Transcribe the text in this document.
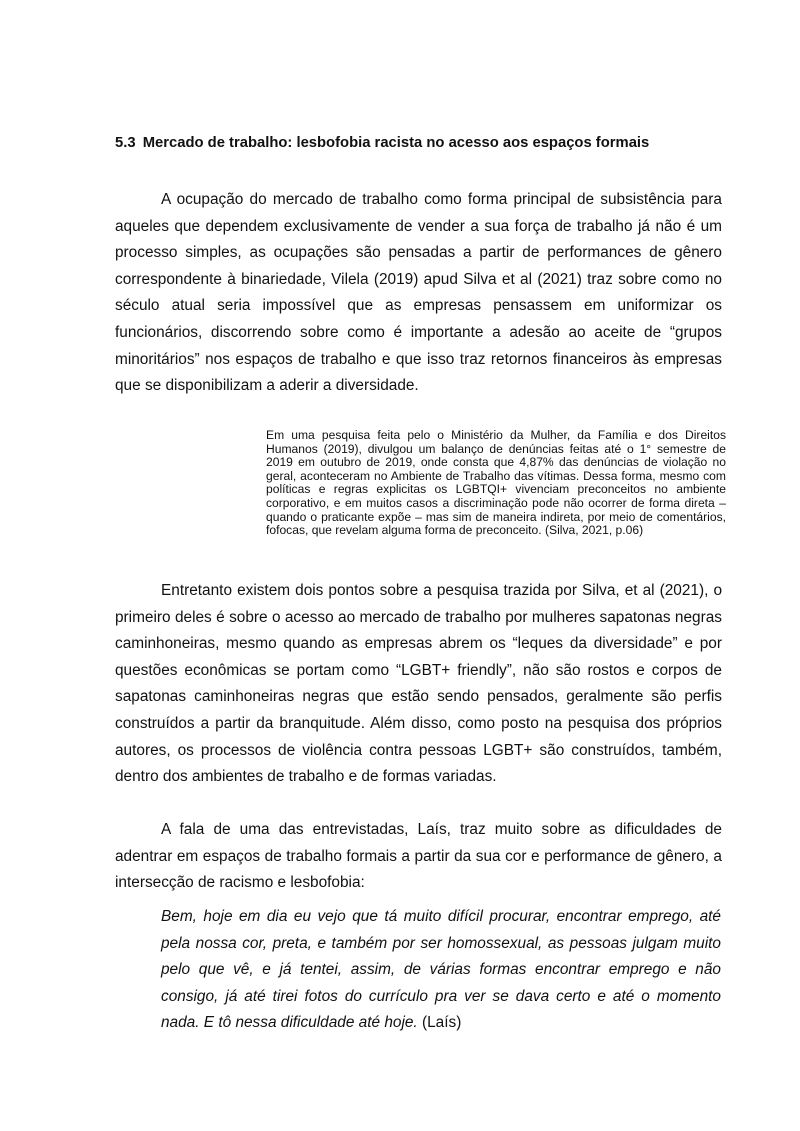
5.3 Mercado de trabalho: lesbofobia racista no acesso aos espaços formais

A ocupação do mercado de trabalho como forma principal de subsistência para aqueles que dependem exclusivamente de vender a sua força de trabalho já não é um processo simples, as ocupações são pensadas a partir de performances de gênero correspondente à binariedade, Vilela (2019) apud Silva et al (2021) traz sobre como no século atual seria impossível que as empresas pensassem em uniformizar os funcionários, discorrendo sobre como é importante a adesão ao aceite de “grupos minoritários” nos espaços de trabalho e que isso traz retornos financeiros às empresas que se disponibilizam a aderir a diversidade.

Em uma pesquisa feita pelo o Ministério da Mulher, da Família e dos Direitos Humanos (2019), divulgou um balanço de denúncias feitas até o 1° semestre de 2019 em outubro de 2019, onde consta que 4,87% das denúncias de violação no geral, aconteceram no Ambiente de Trabalho das vítimas. Dessa forma, mesmo com políticas e regras explicitas os LGBTQI+ vivenciam preconceitos no ambiente corporativo, e em muitos casos a discriminação pode não ocorrer de forma direta – quando o praticante expõe – mas sim de maneira indireta, por meio de comentários, fofocas, que revelam alguma forma de preconceito. (Silva, 2021, p.06)

Entretanto existem dois pontos sobre a pesquisa trazida por Silva, et al (2021), o primeiro deles é sobre o acesso ao mercado de trabalho por mulheres sapatonas negras caminhoneiras, mesmo quando as empresas abrem os “leques da diversidade” e por questões econômicas se portam como “LGBT+ friendly”, não são rostos e corpos de sapatonas caminhoneiras negras que estão sendo pensados, geralmente são perfis construídos a partir da branquitude. Além disso, como posto na pesquisa dos próprios autores, os processos de violência contra pessoas LGBT+ são construídos, também, dentro dos ambientes de trabalho e de formas variadas.

A fala de uma das entrevistadas, Laís, traz muito sobre as dificuldades de adentrar em espaços de trabalho formais a partir da sua cor e performance de gênero, a intersecção de racismo e lesbofobia:

Bem, hoje em dia eu vejo que tá muito difícil procurar, encontrar emprego, até pela nossa cor, preta, e também por ser homossexual, as pessoas julgam muito pelo que vê, e já tentei, assim, de várias formas encontrar emprego e não consigo, já até tirei fotos do currículo pra ver se dava certo e até o momento nada. E tô nessa dificuldade até hoje. (Laís)
